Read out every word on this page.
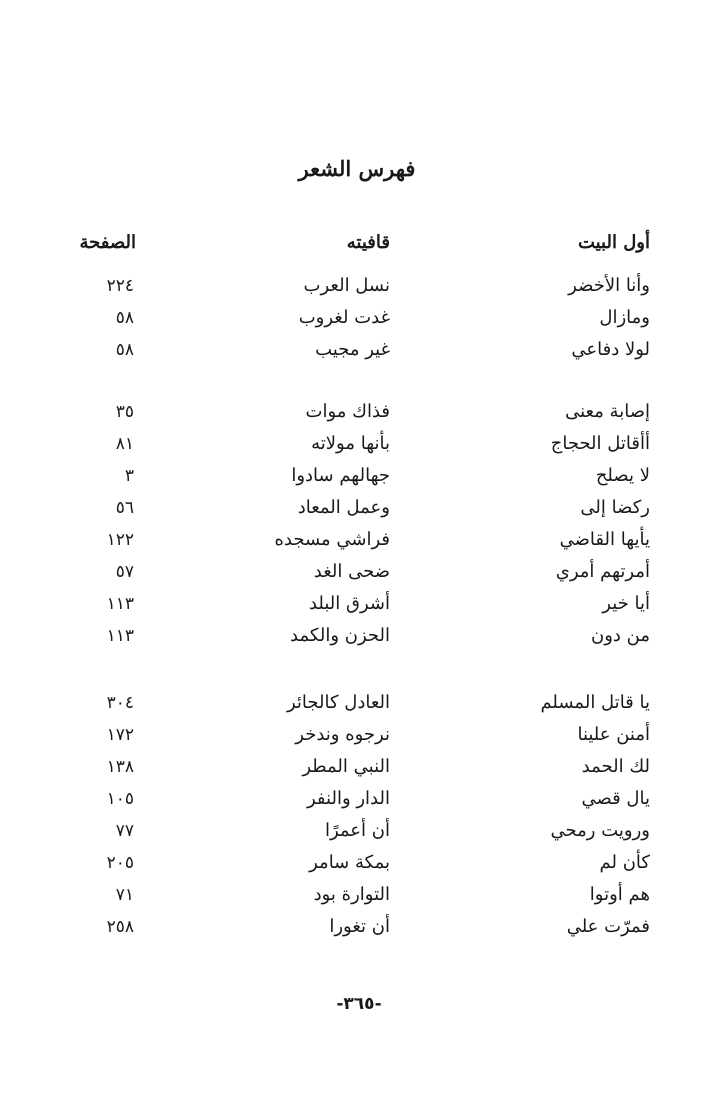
فهرس الشعر
أول البيت
قافيته
الصفحة
وأنا الأخضر
نسل العرب
٢٢٤
ومازال
غدت لغروب
٥٨
لولا دفاعي
غير مجيب
٥٨
إصابة معنى
فذاك موات
٣٥
أأقاتل الحجاج
بأنها مولاته
٨١
لا يصلح
جهالهم سادوا
٣
ركضا إلى
وعمل المعاد
٥٦
يأيها القاضي
فراشي مسجده
١٢٢
أمرتهم أمري
ضحى الغد
٥٧
أيا خير
أشرق البلد
١١٣
من دون
الحزن والكمد
١١٣
يا قاتل المسلم
العادل كالجائر
٣٠٤
أمنن علينا
نرجوه وندخر
١٧٢
لك الحمد
النبي المطر
١٣٨
يال قصي
الدار والنفر
١٠٥
ورويت رمحي
أن أعمرًا
٧٧
كأن لم
بمكة سامر
٢٠٥
هم أوتوا
التوارة بود
٧١
فمرّت علي
أن تغورا
٢٥٨
-٣٦٥-
